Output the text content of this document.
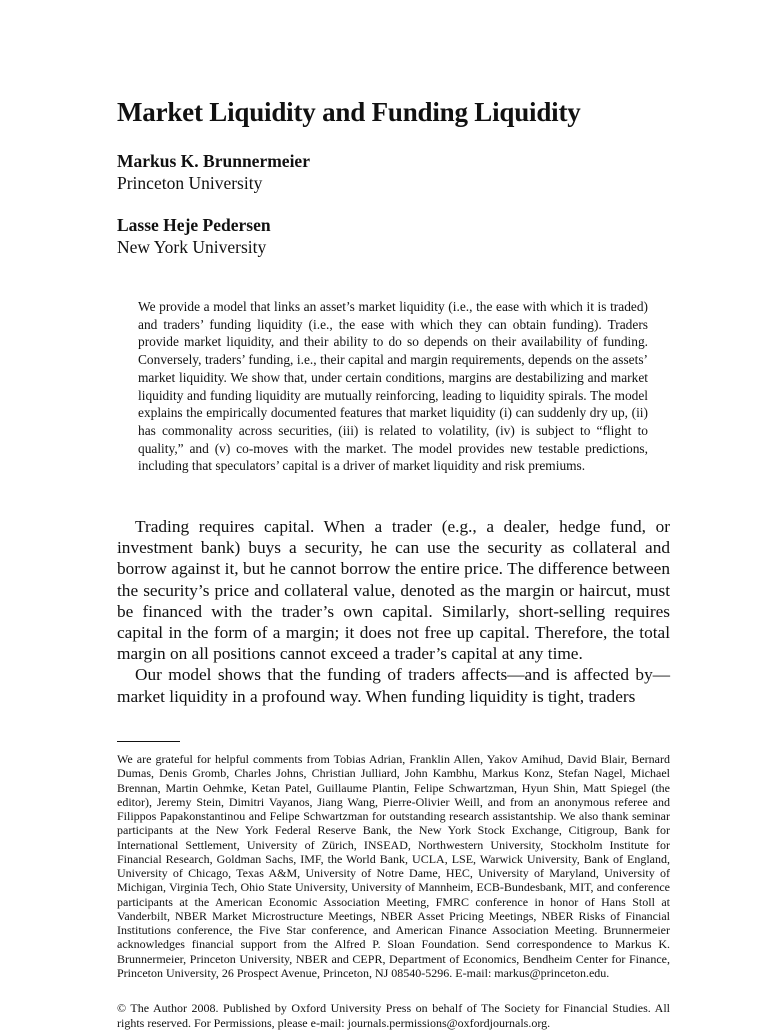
Market Liquidity and Funding Liquidity
Markus K. Brunnermeier
Princeton University
Lasse Heje Pedersen
New York University

We provide a model that links an asset’s market liquidity (i.e., the ease with which it is traded) and traders’ funding liquidity (i.e., the ease with which they can obtain funding). Traders provide market liquidity, and their ability to do so depends on their availability of funding. Conversely, traders’ funding, i.e., their capital and margin requirements, depends on the assets’ market liquidity. We show that, under certain conditions, margins are destabilizing and market liquidity and funding liquidity are mutually reinforcing, leading to liquidity spirals. The model explains the empirically documented features that market liquidity (i) can suddenly dry up, (ii) has commonality across securities, (iii) is related to volatility, (iv) is subject to “flight to quality,” and (v) co-moves with the market. The model provides new testable predictions, including that speculators’ capital is a driver of market liquidity and risk premiums.

Trading requires capital. When a trader (e.g., a dealer, hedge fund, or investment bank) buys a security, he can use the security as collateral and borrow against it, but he cannot borrow the entire price. The difference between the security’s price and collateral value, denoted as the margin or haircut, must be financed with the trader’s own capital. Similarly, short-selling requires capital in the form of a margin; it does not free up capital. Therefore, the total margin on all positions cannot exceed a trader’s capital at any time.

Our model shows that the funding of traders affects—and is affected by—market liquidity in a profound way. When funding liquidity is tight, traders

We are grateful for helpful comments from Tobias Adrian, Franklin Allen, Yakov Amihud, David Blair, Bernard Dumas, Denis Gromb, Charles Johns, Christian Julliard, John Kambhu, Markus Konz, Stefan Nagel, Michael Brennan, Martin Oehmke, Ketan Patel, Guillaume Plantin, Felipe Schwartzman, Hyun Shin, Matt Spiegel (the editor), Jeremy Stein, Dimitri Vayanos, Jiang Wang, Pierre-Olivier Weill, and from an anonymous referee and Filippos Papakonstantinou and Felipe Schwartzman for outstanding research assistantship. We also thank seminar participants at the New York Federal Reserve Bank, the New York Stock Exchange, Citigroup, Bank for International Settlement, University of Zürich, INSEAD, Northwestern University, Stockholm Institute for Financial Research, Goldman Sachs, IMF, the World Bank, UCLA, LSE, Warwick University, Bank of England, University of Chicago, Texas A&M, University of Notre Dame, HEC, University of Maryland, University of Michigan, Virginia Tech, Ohio State University, University of Mannheim, ECB-Bundesbank, MIT, and conference participants at the American Economic Association Meeting, FMRC conference in honor of Hans Stoll at Vanderbilt, NBER Market Microstructure Meetings, NBER Asset Pricing Meetings, NBER Risks of Financial Institutions conference, the Five Star conference, and American Finance Association Meeting. Brunnermeier acknowledges financial support from the Alfred P. Sloan Foundation. Send correspondence to Markus K. Brunnermeier, Princeton University, NBER and CEPR, Department of Economics, Bendheim Center for Finance, Princeton University, 26 Prospect Avenue, Princeton, NJ 08540-5296. E-mail: markus@princeton.edu.

© The Author 2008. Published by Oxford University Press on behalf of The Society for Financial Studies. All rights reserved. For Permissions, please e-mail: journals.permissions@oxfordjournals.org.
